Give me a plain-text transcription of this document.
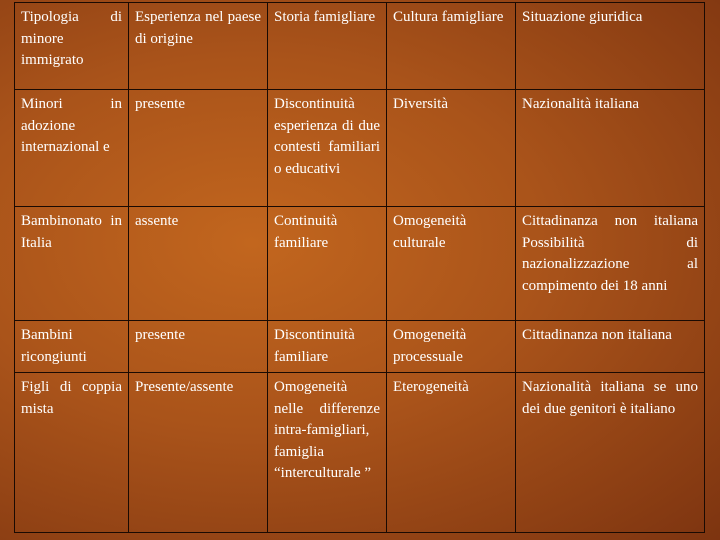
Tipologia di minore immigrato	Esperienza nel paese di origine	Storia famigliare	Cultura famigliare	Situazione giuridica
Minori in adozione internazional e	presente	Discontinuità esperienza di due contesti familiari o educativi	Diversità	Nazionalità italiana
Bambinonato in Italia	assente	Continuità familiare	Omogeneità culturale	Cittadinanza non italiana Possibilità di nazionalizzazione al compimento dei 18 anni
Bambini ricongiunti	presente	Discontinuità familiare	Omogeneità processuale	Cittadinanza non italiana
Figli di coppia mista	Presente/assente	Omogeneità nelle differenze intra-famigliari, famiglia “interculturale ”	Eterogeneità	Nazionalità italiana se uno dei due genitori è italiano
